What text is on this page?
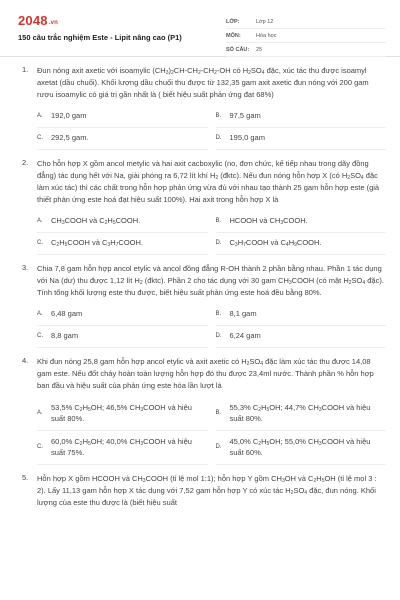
2048.vn
150 câu trắc nghiệm Este - Lipit nâng cao (P1)
LỚP:	Lớp 12
MÔN:	Hóa học
SỐ CÂU:	25
1. Đun nóng axit axetic với isoamylic $(CH_3)_2CH-CH_2-CH_2-OH$ có $H_2SO_4$ đặc, xúc tác thu được isoamyl axetat (dầu chuối). Khối lượng dầu chuối thu được từ 132,35 gam axit axetic đun nóng với 200 gam rượu isoamylic có giá trị gần nhất là ( biết hiệu suất phản ứng đạt 68%)
A.	192,0 gam	B.	97,5 gam
C.	292,5 gam.	D.	195,0 gam
2. Cho hỗn hợp X gồm ancol metylic và hai axit cacboxylic (no, đơn chức, kế tiếp nhau trong dãy đồng đẳng) tác dụng hết với Na, giải phóng ra 6,72 lít khí $H_2$ (đktc). Nếu đun nóng hỗn hợp X (có $H_2SO_4$ đặc làm xúc tác) thì các chất trong hỗn hợp phản ứng vừa đủ với nhau tạo thành 25 gam hỗn hợp este (giả thiết phản ứng este hoá đạt hiệu suất 100%). Hai axit trong hỗn hợp X là
A.	$CH_3COOH$ và $C_2H_5COOH$.	B.	HCOOH và $CH_3COOH$.
C.	$C_2H_5COOH$ và $C_3H_7COOH$.	D.	$C_3H_7COOH$ và $C_4H_9COOH$.
3. Chia 7,8 gam hỗn hợp ancol etylic và ancol đồng đẳng R-OH thành 2 phần bằng nhau. Phần 1 tác dụng với Na (dư) thu được 1,12 lít $H_2$ (đktc). Phần 2 cho tác dụng với 30 gam $CH_3COOH$ (có mặt $H_2SO_4$ đặc). Tính tổng khối lượng este thu được, biết hiệu suất phản ứng este hoá đều bằng 80%.
A.	6,48 gam	B.	8,1 gam
C.	8,8 gam	D.	6,24 gam
4. Khi đun nóng 25,8 gam hỗn hợp ancol etylic và axit axetic có $H_2SO_4$ đặc làm xúc tác thu được 14,08 gam este. Nếu đốt cháy hoàn toàn lượng hỗn hợp đó thu được 23,4ml nước. Thành phần % hỗn hợp ban đầu và hiệu suất của phản ứng este hóa lần lượt là
A.
53,5% $C_2H_5OH$; 46,5% $CH_3COOH$ và hiệu suất 80%.
B.
55,3% $C_2H_5OH$; 44,7% $CH_3COOH$ và hiệu suất 80%.
C.
60,0% $C_2H_5OH$; 40,0% $CH_3COOH$ và hiệu suất 75%.
D.
45,0% $C_2H_5OH$; 55,0% $CH_3COOH$ và hiệu suất 60%.
5. Hỗn hợp X gồm HCOOH và $CH_3COOH$ (tỉ lệ mol 1:1); hỗn hợp Y gồm $CH_3OH$ và $C_2H_5OH$ (tỉ lệ mol 3 : 2). Lấy 11,13 gam hỗn hợp X tác dụng với 7,52 gam hỗn hợp Y có xúc tác $H_2SO_4$ đặc, đun nóng. Khối lượng của este thu được là (biết hiệu suất
